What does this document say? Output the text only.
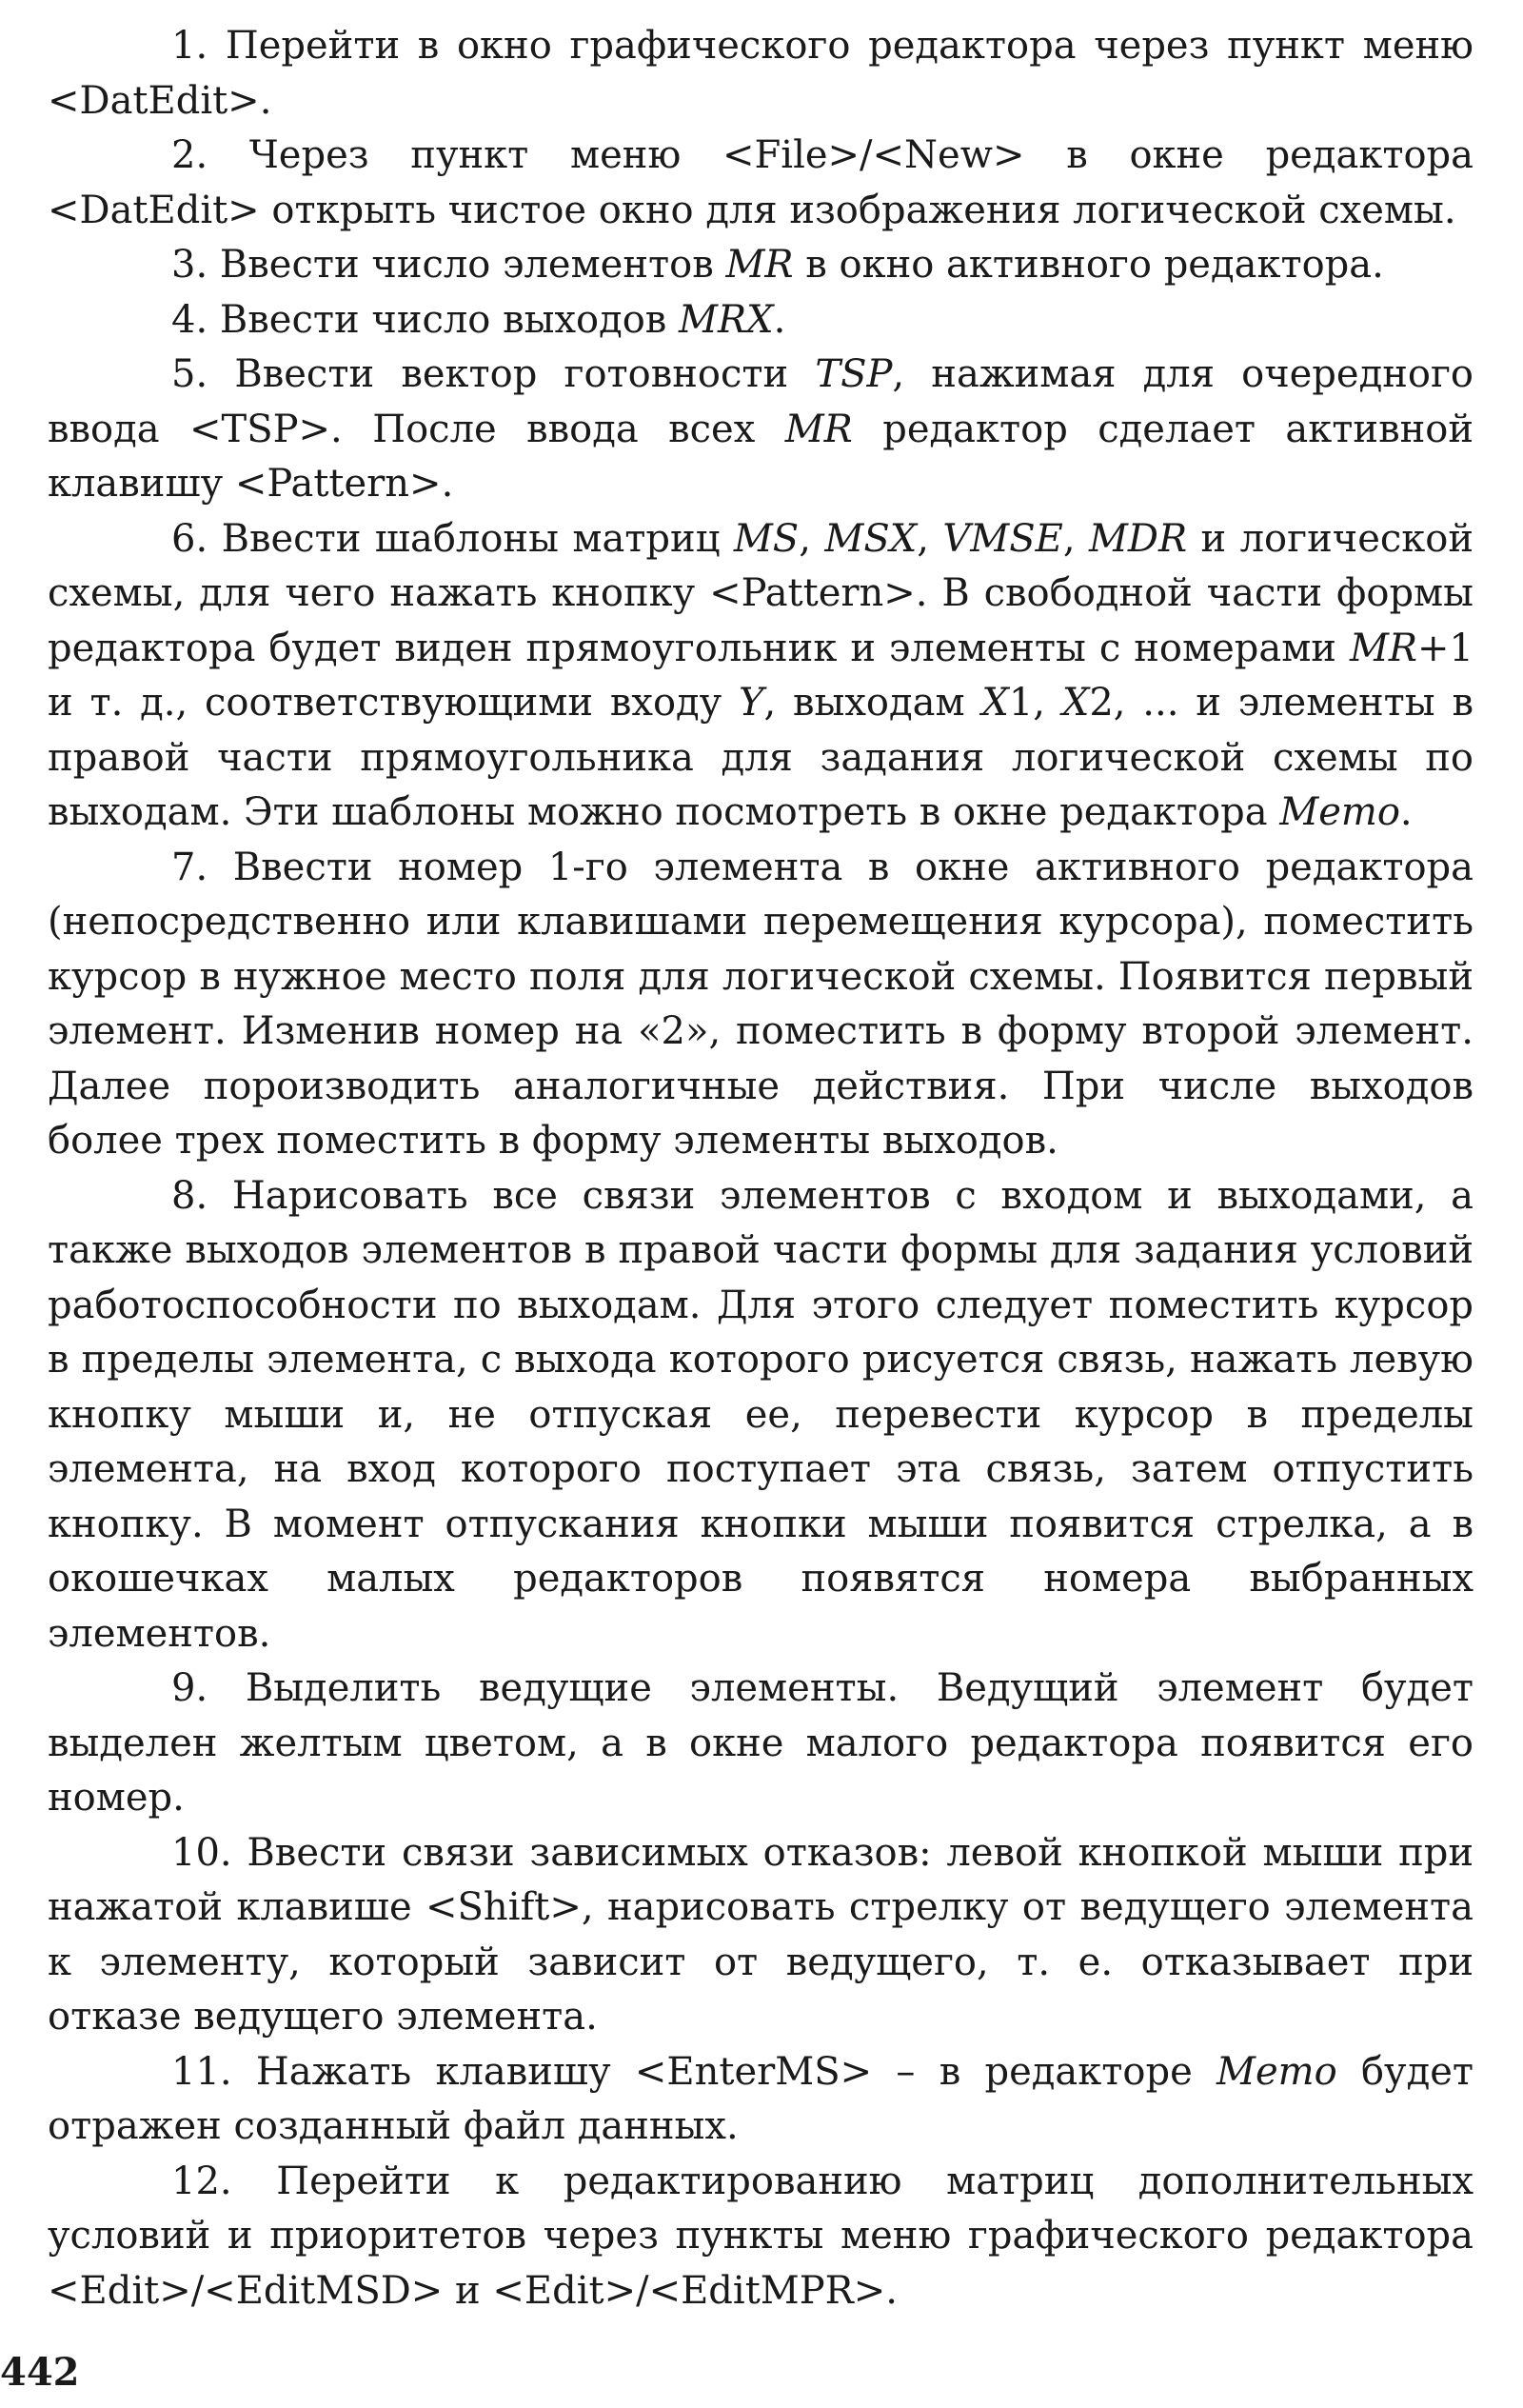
1. Перейти в окно графического редактора через пункт меню <DatEdit>.

2. Через пункт меню <File>/<New> в окне редактора <DatEdit> открыть чистое окно для изображения логической схемы.

3. Ввести число элементов MR в окно активного редактора.

4. Ввести число выходов MRX.

5. Ввести вектор готовности TSP, нажимая для очередного ввода <TSP>. После ввода всех MR редактор сделает активной клавишу <Pattern>.

6. Ввести шаблоны матриц MS, MSX, VMSE, MDR и логической схемы, для чего нажать кнопку <Pattern>. В свободной части формы редактора будет виден прямоугольник и элементы с номерами MR+1 и т. д., соответствующими входу Y, выходам X1, X2, ... и элементы в правой части прямоугольника для задания логической схемы по выходам. Эти шаблоны можно посмотреть в окне редактора Memo.

7. Ввести номер 1-го элемента в окне активного редактора (непосредственно или клавишами перемещения курсора), поместить курсор в нужное место поля для логической схемы. Появится первый элемент. Изменив номер на «2», поместить в форму второй элемент. Далее пороизводить аналогичные действия. При числе выходов более трех поместить в форму элементы выходов.

8. Нарисовать все связи элементов с входом и выходами, а также выходов элементов в правой части формы для задания условий работоспособности по выходам. Для этого следует поместить курсор в пределы элемента, с выхода которого рисуется связь, нажать левую кнопку мыши и, не отпуская ее, перевести курсор в пределы элемента, на вход которого поступает эта связь, затем отпустить кнопку. В момент отпускания кнопки мыши появится стрелка, а в окошечках малых редакторов появятся номера выбранных элементов.

9. Выделить ведущие элементы. Ведущий элемент будет выделен желтым цветом, а в окне малого редактора появится его номер.

10. Ввести связи зависимых отказов: левой кнопкой мыши при нажатой клавише <Shift>, нарисовать стрелку от ведущего элемента к элементу, который зависит от ведущего, т. е. отказывает при отказе ведущего элемента.

11. Нажать клавишу <EnterMS> – в редакторе Memo будет отражен созданный файл данных.

12. Перейти к редактированию матриц дополнительных условий и приоритетов через пункты меню графического редактора <Edit>/<EditMSD> и <Edit>/<EditMPR>.

442
